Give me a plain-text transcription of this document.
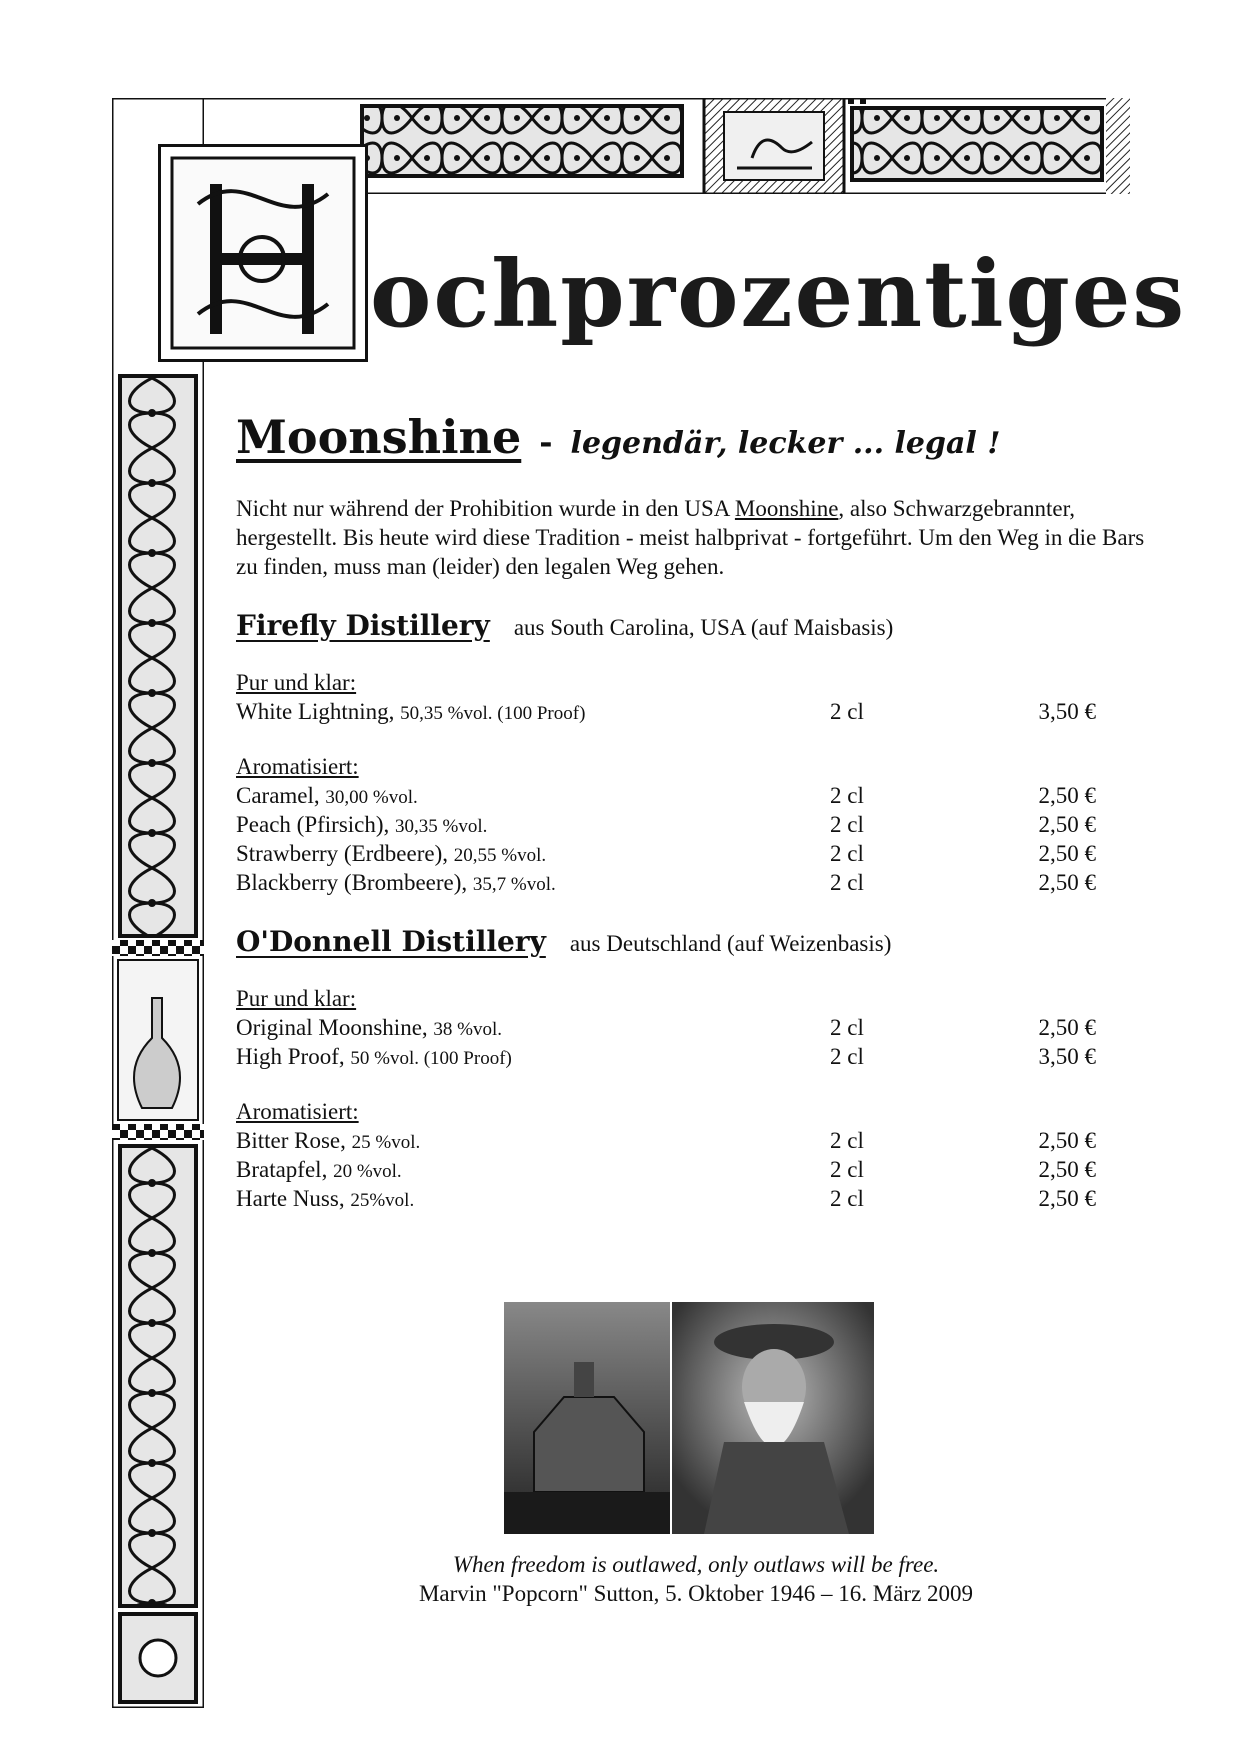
ochprozentiges
Moonshine - legendär, lecker ... legal !
Nicht nur während der Prohibition wurde in den USA Moonshine, also Schwarzgebrannter, hergestellt. Bis heute wird diese Tradition - meist halbprivat - fortgeführt. Um den Weg in die Bars zu finden, muss man (leider) den legalen Weg gehen.
Firefly Distillery aus South Carolina, USA (auf Maisbasis)
Pur und klar:
White Lightning, 50,35 %vol. (100 Proof)	2 cl	3,50 €
Aromatisiert:
Caramel, 30,00 %vol.	2 cl	2,50 €
Peach (Pfirsich), 30,35 %vol.	2 cl	2,50 €
Strawberry (Erdbeere), 20,55 %vol.	2 cl	2,50 €
Blackberry (Brombeere), 35,7 %vol.	2 cl	2,50 €
O'Donnell Distillery aus Deutschland (auf Weizenbasis)
Pur und klar:
Original Moonshine, 38 %vol.	2 cl	2,50 €
High Proof, 50 %vol. (100 Proof)	2 cl	3,50 €
Aromatisiert:
Bitter Rose, 25 %vol.	2 cl	2,50 €
Bratapfel, 20 %vol.	2 cl	2,50 €
Harte Nuss, 25%vol.	2 cl	2,50 €
When freedom is outlawed, only outlaws will be free.
Marvin "Popcorn" Sutton, 5. Oktober 1946 – 16. März 2009
